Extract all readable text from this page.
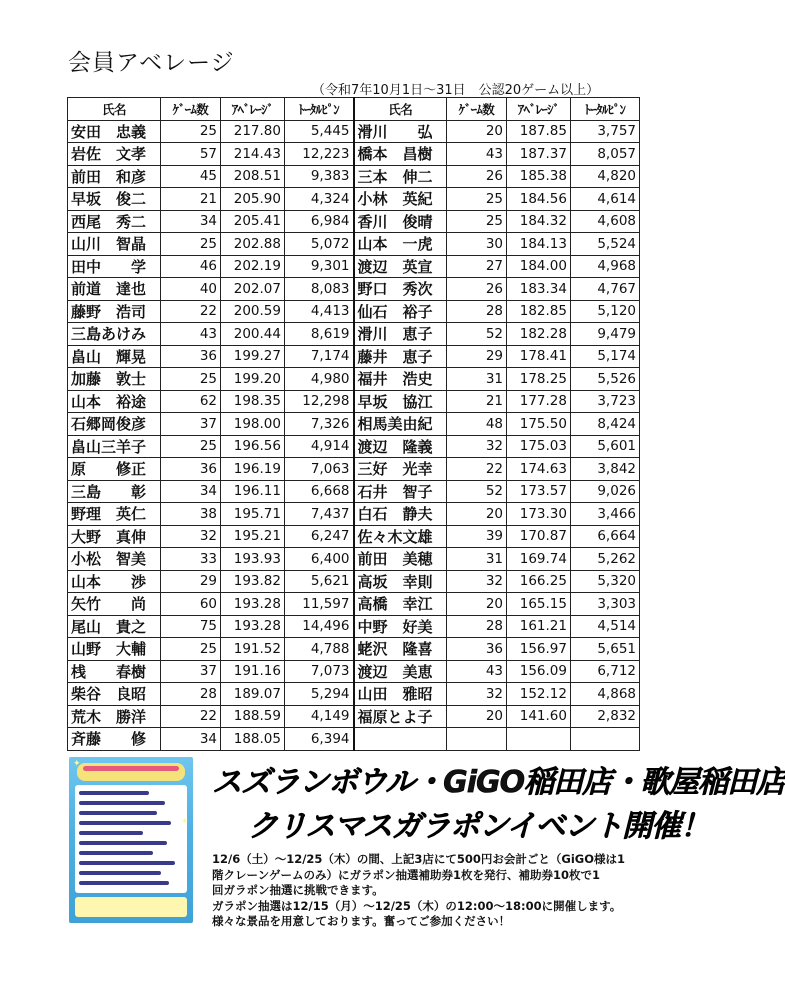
会員アベレージ
（令和7年10月1日～31日　公認20ゲーム以上）
氏名	ｹﾞｰﾑ数	ｱﾍﾞﾚｰｼﾞ	ﾄｰﾀﾙﾋﾟﾝ	氏名	ｹﾞｰﾑ数	ｱﾍﾞﾚｰｼﾞ	ﾄｰﾀﾙﾋﾟﾝ
安田　忠義	25	217.80	5,445	滑川　　弘	20	187.85	3,757
岩佐　文孝	57	214.43	12,223	橋本　昌樹	43	187.37	8,057
前田　和彦	45	208.51	9,383	三本　伸二	26	185.38	4,820
早坂　俊二	21	205.90	4,324	小林　英紀	25	184.56	4,614
西尾　秀二	34	205.41	6,984	香川　俊晴	25	184.32	4,608
山川　智晶	25	202.88	5,072	山本　一虎	30	184.13	5,524
田中　　学	46	202.19	9,301	渡辺　英宣	27	184.00	4,968
前道　達也	40	202.07	8,083	野口　秀次	26	183.34	4,767
藤野　浩司	22	200.59	4,413	仙石　裕子	28	182.85	5,120
三島あけみ	43	200.44	8,619	滑川　恵子	52	182.28	9,479
畠山　輝晃	36	199.27	7,174	藤井　恵子	29	178.41	5,174
加藤　敦士	25	199.20	4,980	福井　浩史	31	178.25	5,526
山本　裕途	62	198.35	12,298	早坂　協江	21	177.28	3,723
石郷岡俊彦	37	198.00	7,326	相馬美由紀	48	175.50	8,424
畠山三羊子	25	196.56	4,914	渡辺　隆義	32	175.03	5,601
原　　修正	36	196.19	7,063	三好　光幸	22	174.63	3,842
三島　　彰	34	196.11	6,668	石井　智子	52	173.57	9,026
野理　英仁	38	195.71	7,437	白石　静夫	20	173.30	3,466
大野　真伸	32	195.21	6,247	佐々木文雄	39	170.87	6,664
小松　智美	33	193.93	6,400	前田　美穂	31	169.74	5,262
山本　　渉	29	193.82	5,621	高坂　幸則	32	166.25	5,320
矢竹　　尚	60	193.28	11,597	高橋　幸江	20	165.15	3,303
尾山　貴之	75	193.28	14,496	中野　好美	28	161.21	4,514
山野　大輔	25	191.52	4,788	蛯沢　隆喜	36	156.97	5,651
桟　　春樹	37	191.16	7,073	渡辺　美恵	43	156.09	6,712
柴谷　良昭	28	189.07	5,294	山田　雅昭	32	152.12	4,868
荒木　勝洋	22	188.59	4,149	福原とよ子	20	141.60	2,832
斉藤　　修	34	188.05	6,394				
✦
✦
スズランボウル・GiGO稲田店・歌屋稲田店
クリスマスガラポンイベント開催！

12/6（土）～12/25（木）の間、上記3店にて500円お会計ごと（GiGO様は1

階クレーンゲームのみ）にガラポン抽選補助券1枚を発行、補助券10枚で1

回ガラポン抽選に挑戦できます。

ガラポン抽選は12/15（月）～12/25（木）の12:00～18:00に開催します。

様々な景品を用意しております。奮ってご参加ください！
